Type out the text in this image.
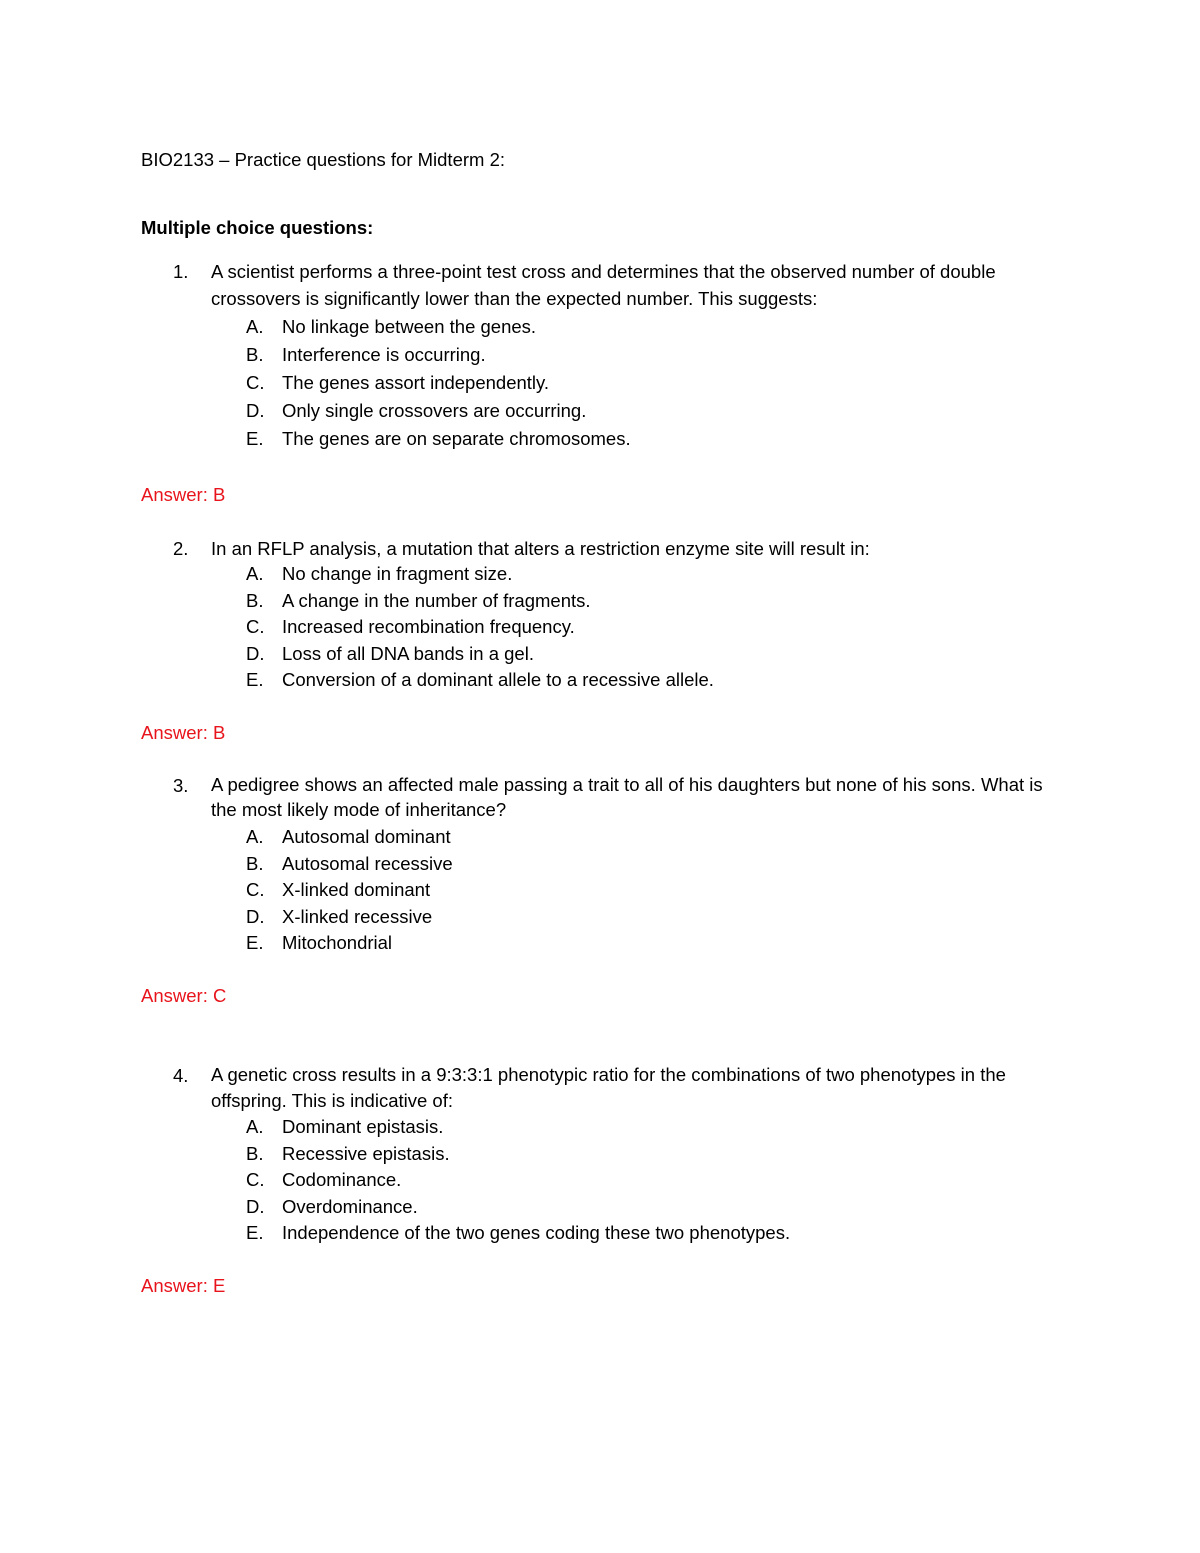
BIO2133 – Practice questions for Midterm 2:
Multiple choice questions:
1. A scientist performs a three-point test cross and determines that the observed number of double crossovers is significantly lower than the expected number. This suggests:
A. No linkage between the genes.
B. Interference is occurring.
C. The genes assort independently.
D. Only single crossovers are occurring.
E. The genes are on separate chromosomes.
Answer: B
2. In an RFLP analysis, a mutation that alters a restriction enzyme site will result in:
A. No change in fragment size.
B. A change in the number of fragments.
C. Increased recombination frequency.
D. Loss of all DNA bands in a gel.
E. Conversion of a dominant allele to a recessive allele.
Answer: B
3. A pedigree shows an affected male passing a trait to all of his daughters but none of his sons. What is the most likely mode of inheritance?
A. Autosomal dominant
B. Autosomal recessive
C. X-linked dominant
D. X-linked recessive
E. Mitochondrial
Answer: C
4. A genetic cross results in a 9:3:3:1 phenotypic ratio for the combinations of two phenotypes in the offspring. This is indicative of:
A. Dominant epistasis.
B. Recessive epistasis.
C. Codominance.
D. Overdominance.
E. Independence of the two genes coding these two phenotypes.
Answer: E
